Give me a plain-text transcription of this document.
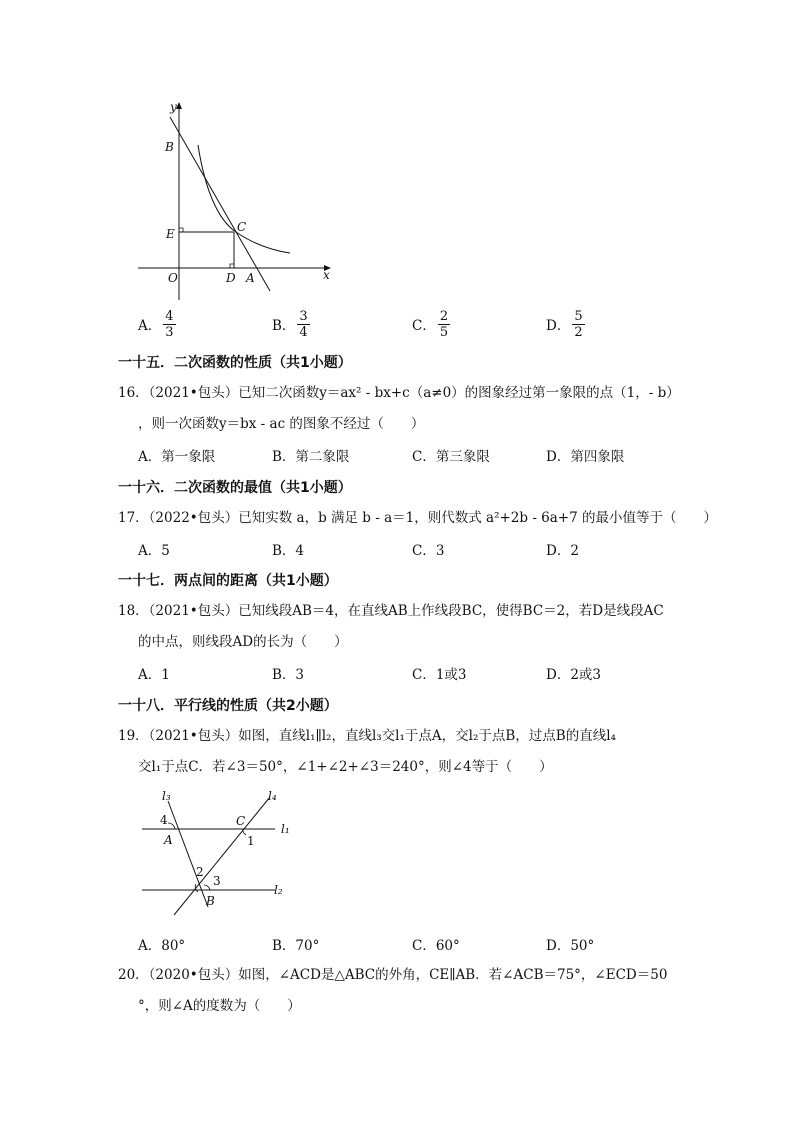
y
B
C
E
O	D A	x
A． $\frac{4}{3}$	B． $\frac{3}{4}$	C． $\frac{2}{5}$	D． $\frac{5}{2}$
一十五．二次函数的性质（共1小题）
16．（2021•包头）已知二次函数y＝ax² - bx+c（a≠0）的图象经过第一象限的点（1，- b）
，则一次函数y＝bx - ac 的图象不经过（　　）
A．第一象限	B．第二象限	C．第三象限	D．第四象限
一十六．二次函数的最值（共1小题）
17．（2022•包头）已知实数 a，b 满足 b - a＝1，则代数式 a²+2b - 6a+7 的最小值等于（　　）
A．5	B．4	C．3	D．2
一十七．两点间的距离（共1小题）
18．（2021•包头）已知线段AB＝4，在直线AB上作线段BC，使得BC＝2，若D是线段AC
的中点，则线段AD的长为（　　）
A．1	B．3	C．1或3	D．2或3
一十八．平行线的性质（共2小题）
19．（2021•包头）如图，直线l₁∥l₂，直线l₃交l₁于点A，交l₂于点B，过点B的直线l₄
交l₁于点C．若∠3＝50°，∠1+∠2+∠3＝240°，则∠4等于（　　）
l₃	l₄
4	C
l₁
A	1
2
3
l₂
B
A．80°	B．70°	C．60°	D．50°
20．（2020•包头）如图，∠ACD是△ABC的外角，CE∥AB．若∠ACB＝75°，∠ECD＝50
°，则∠A的度数为（　　）
